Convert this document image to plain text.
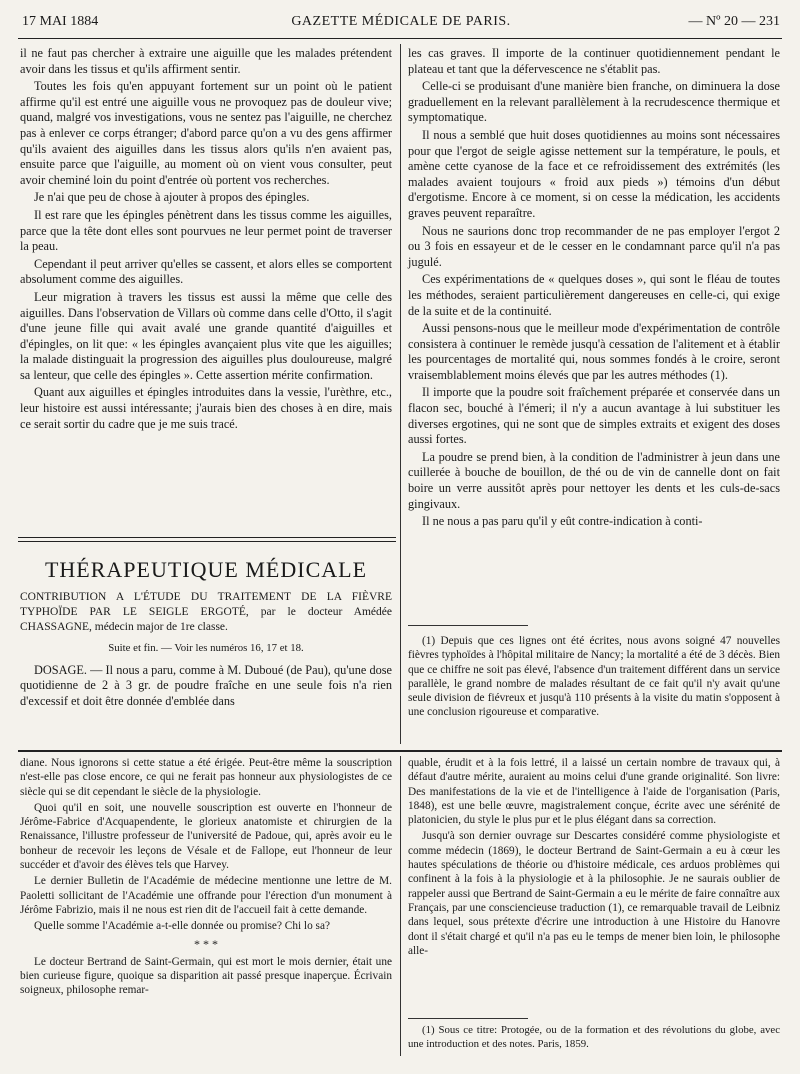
17 MAI 1884	GAZETTE MÉDICALE DE PARIS.	— Nº 20 — 231

il ne faut pas chercher à extraire une aiguille que les malades prétendent avoir dans les tissus et qu'ils affirment sentir.

Toutes les fois qu'en appuyant fortement sur un point où le patient affirme qu'il est entré une aiguille vous ne provoquez pas de douleur vive; quand, malgré vos investigations, vous ne sentez pas l'aiguille, ne cherchez pas à enlever ce corps étranger; d'abord parce qu'on a vu des gens affirmer qu'ils avaient des aiguilles dans les tissus alors qu'ils n'en avaient pas, ensuite parce que l'aiguille, au moment où on vient vous consulter, peut avoir cheminé loin du point d'entrée où portent vos recherches.

Je n'ai que peu de chose à ajouter à propos des épingles.

Il est rare que les épingles pénètrent dans les tissus comme les aiguilles, parce que la tête dont elles sont pourvues ne leur permet point de traverser la peau.

Cependant il peut arriver qu'elles se cassent, et alors elles se comportent absolument comme des aiguilles.

Leur migration à travers les tissus est aussi la même que celle des aiguilles. Dans l'observation de Villars où comme dans celle d'Otto, il s'agit d'une jeune fille qui avait avalé une grande quantité d'aiguilles et d'épingles, on lit que: « les épingles avançaient plus vite que les aiguilles; la malade distinguait la progression des aiguilles plus douloureuse, malgré sa lenteur, que celle des épingles ». Cette assertion mérite confirmation.

Quant aux aiguilles et épingles introduites dans la vessie, l'urèthre, etc., leur histoire est aussi intéressante; j'aurais bien des choses à en dire, mais ce serait sortir du cadre que je me suis tracé.

THÉRAPEUTIQUE MÉDICALE

CONTRIBUTION A L'ÉTUDE DU TRAITEMENT DE LA FIÈVRE TYPHOÏDE PAR LE SEIGLE ERGOTÉ, par le docteur Amédée CHASSAGNE, médecin major de 1re classe.

Suite et fin. — Voir les numéros 16, 17 et 18.

DOSAGE. — Il nous a paru, comme à M. Duboué (de Pau), qu'une dose quotidienne de 2 à 3 gr. de poudre fraîche en une seule fois n'a rien d'excessif et doit être donnée d'emblée dans

les cas graves. Il importe de la continuer quotidiennement pendant le plateau et tant que la défervescence ne s'établit pas.

Celle-ci se produisant d'une manière bien franche, on diminuera la dose graduellement en la relevant parallèlement à la recrudescence thermique et symptomatique.

Il nous a semblé que huit doses quotidiennes au moins sont nécessaires pour que l'ergot de seigle agisse nettement sur la température, le pouls, et amène cette cyanose de la face et ce refroidissement des extrémités (les malades avaient toujours « froid aux pieds ») témoins d'un début d'ergotisme. Encore à ce moment, si on cesse la médication, les accidents graves peuvent reparaître.

Nous ne saurions donc trop recommander de ne pas employer l'ergot 2 ou 3 fois en essayeur et de le cesser en le condamnant parce qu'il n'a pas jugulé.

Ces expérimentations de « quelques doses », qui sont le fléau de toutes les méthodes, seraient particulièrement dangereuses en celle-ci, qui exige de la suite et de la continuité.

Aussi pensons-nous que le meilleur mode d'expérimentation de contrôle consistera à continuer le remède jusqu'à cessation de l'alitement et à établir les pourcentages de mortalité qui, nous sommes fondés à le croire, seront vraisemblablement moins élevés que par les autres méthodes (1).

Il importe que la poudre soit fraîchement préparée et conservée dans un flacon sec, bouché à l'émeri; il n'y a aucun avantage à lui substituer les diverses ergotines, qui ne sont que de simples extraits et exigent des doses aussi fortes.

La poudre se prend bien, à la condition de l'administrer à jeun dans une cuillerée à bouche de bouillon, de thé ou de vin de cannelle dont on fait boire un verre aussitôt après pour nettoyer les dents et les culs-de-sacs gingivaux.

Il ne nous a pas paru qu'il y eût contre-indication à conti-

(1) Depuis que ces lignes ont été écrites, nous avons soigné 47 nouvelles fièvres typhoïdes à l'hôpital militaire de Nancy; la mortalité a été de 3 décès. Bien que ce chiffre ne soit pas élevé, l'absence d'un traitement différent dans un service parallèle, le grand nombre de malades résultant de ce fait qu'il n'y avait qu'une seule division de fiévreux et jusqu'à 110 présents à la visite du matin s'opposent à une conclusion rigoureuse et comparative.

diane. Nous ignorons si cette statue a été érigée. Peut-être même la souscription n'est-elle pas close encore, ce qui ne ferait pas honneur aux physiologistes de ce siècle qui se dit cependant le siècle de la physiologie.

Quoi qu'il en soit, une nouvelle souscription est ouverte en l'honneur de Jérôme-Fabrice d'Acquapendente, le glorieux anatomiste et chirurgien de la Renaissance, l'illustre professeur de l'université de Padoue, qui, après avoir eu le bonheur de recevoir les leçons de Vésale et de Fallope, eut l'honneur de leur succéder et d'avoir des élèves tels que Harvey.

Le dernier Bulletin de l'Académie de médecine mentionne une lettre de M. Paoletti sollicitant de l'Académie une offrande pour l'érection d'un monument à Jérôme Fabrizio, mais il ne nous est rien dit de l'accueil fait à cette demande.

Quelle somme l'Académie a-t-elle donnée ou promise? Chi lo sa?

* * *

Le docteur Bertrand de Saint-Germain, qui est mort le mois dernier, était une bien curieuse figure, quoique sa disparition ait passé presque inaperçue. Écrivain soigneux, philosophe remar-

quable, érudit et à la fois lettré, il a laissé un certain nombre de travaux qui, à défaut d'autre mérite, auraient au moins celui d'une grande originalité. Son livre: Des manifestations de la vie et de l'intelligence à l'aide de l'organisation (Paris, 1848), est une belle œuvre, magistralement conçue, écrite avec une sérénité de platonicien, du style le plus pur et le plus élégant dans sa correction.

Jusqu'à son dernier ouvrage sur Descartes considéré comme physiologiste et comme médecin (1869), le docteur Bertrand de Saint-Germain a eu à cœur les hautes spéculations de théorie ou d'histoire médicale, ces arduos problèmes qui confinent à la fois à la physiologie et à la philosophie. Je ne saurais oublier de rappeler aussi que Bertrand de Saint-Germain a eu le mérite de faire connaître aux Français, par une consciencieuse traduction (1), ce remarquable travail de Leibniz dans lequel, sous prétexte d'écrire une introduction à une Histoire du Hanovre dont il s'était chargé et qu'il n'a pas eu le temps de mener bien loin, le philosophe alle-

(1) Sous ce titre: Protogée, ou de la formation et des révolutions du globe, avec une introduction et des notes. Paris, 1859.
